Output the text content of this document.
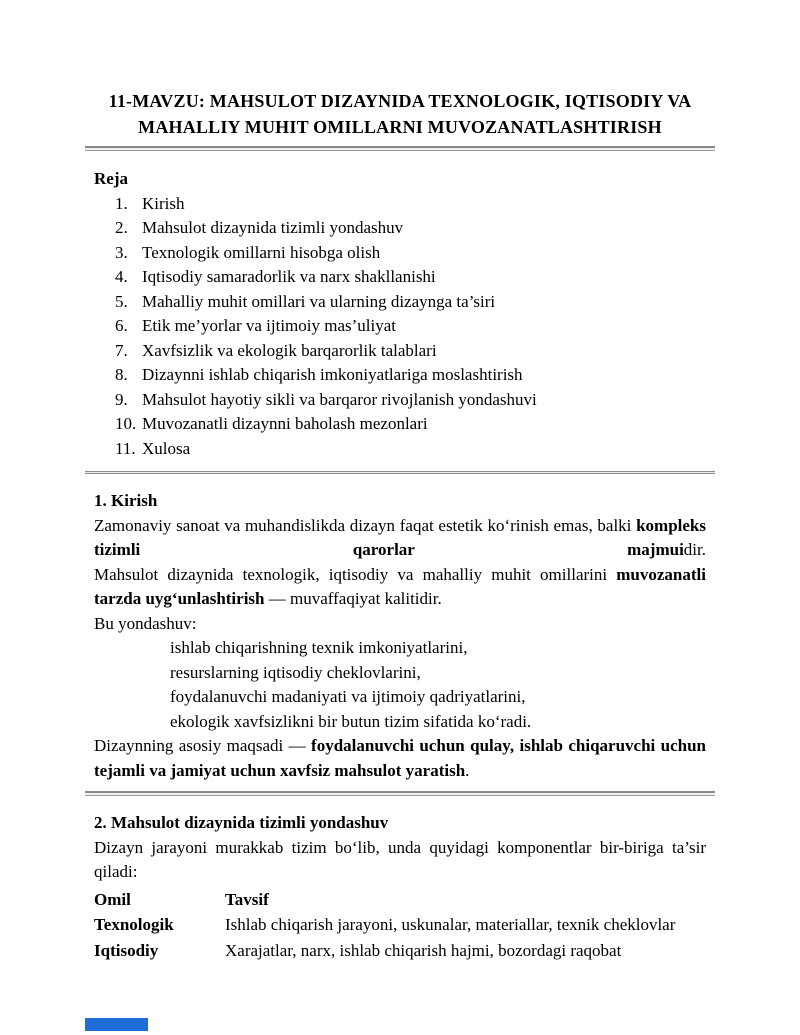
11-MAVZU: MAHSULOT DIZAYNIDA TEXNOLOGIK, IQTISODIY VA MAHALLIY MUHIT OMILLARNI MUVOZANATLASHTIRISH

Reja

1. Kirish
2. Mahsulot dizaynida tizimli yondashuv
3. Texnologik omillarni hisobga olish
4. Iqtisodiy samaradorlik va narx shakllanishi
5. Mahalliy muhit omillari va ularning dizaynga ta’siri
6. Etik me’yorlar va ijtimoiy mas’uliyat
7. Xavfsizlik va ekologik barqarorlik talablari
8. Dizaynni ishlab chiqarish imkoniyatlariga moslashtirish
9. Mahsulot hayotiy sikli va barqaror rivojlanish yondashuvi
10. Muvozanatli dizaynni baholash mezonlari
11. Xulosa

1. Kirish

Zamonaviy sanoat va muhandislikda dizayn faqat estetik ko‘rinish emas, balki kompleks tizimli qarorlar majmuidir.

Mahsulot dizaynida texnologik, iqtisodiy va mahalliy muhit omillarini muvozanatli tarzda uyg‘unlashtirish — muvaffaqiyat kalitidir.

Bu yondashuv:

ishlab chiqarishning texnik imkoniyatlarini,
resurslarning iqtisodiy cheklovlarini,
foydalanuvchi madaniyati va ijtimoiy qadriyatlarini,
ekologik xavfsizlikni bir butun tizim sifatida ko‘radi.

Dizaynning asosiy maqsadi — foydalanuvchi uchun qulay, ishlab chiqaruvchi uchun tejamli va jamiyat uchun xavfsiz mahsulot yaratish.

2. Mahsulot dizaynida tizimli yondashuv

Dizayn jarayoni murakkab tizim bo‘lib, unda quyidagi komponentlar bir-biriga ta’sir qiladi:

Omil	Tavsif
Texnologik	Ishlab chiqarish jarayoni, uskunalar, materiallar, texnik cheklovlar
Iqtisodiy	Xarajatlar, narx, ishlab chiqarish hajmi, bozordagi raqobat
